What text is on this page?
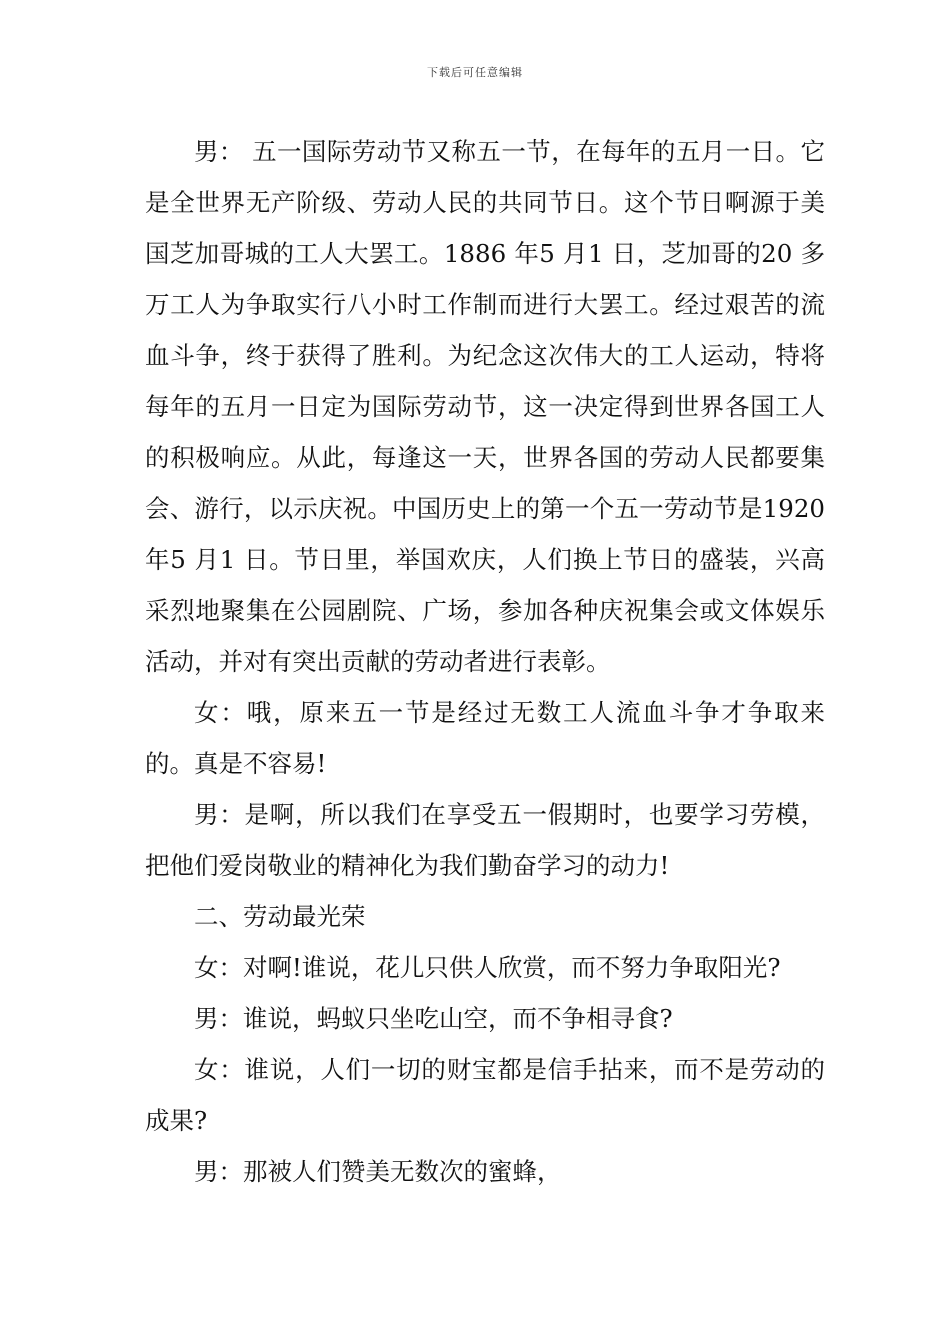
下载后可任意编辑

男： 五一国际劳动节又称五一节，在每年的五月一日。它是全世界无产阶级、劳动人民的共同节日。这个节日啊源于美国芝加哥城的工人大罢工。1886 年5 月1 日，芝加哥的20 多万工人为争取实行八小时工作制而进行大罢工。经过艰苦的流血斗争，终于获得了胜利。为纪念这次伟大的工人运动，特将每年的五月一日定为国际劳动节，这一决定得到世界各国工人的积极响应。从此，每逢这一天，世界各国的劳动人民都要集会、游行，以示庆祝。中国历史上的第一个五一劳动节是1920 年5 月1 日。节日里，举国欢庆，人们换上节日的盛装，兴高采烈地聚集在公园剧院、广场，参加各种庆祝集会或文体娱乐活动，并对有突出贡献的劳动者进行表彰。

女：哦，原来五一节是经过无数工人流血斗争才争取来的。真是不容易!

男：是啊，所以我们在享受五一假期时，也要学习劳模，把他们爱岗敬业的精神化为我们勤奋学习的动力!

二、劳动最光荣

女：对啊!谁说，花儿只供人欣赏，而不努力争取阳光?

男：谁说，蚂蚁只坐吃山空，而不争相寻食?

女：谁说，人们一切的财宝都是信手拈来，而不是劳动的成果?

男：那被人们赞美无数次的蜜蜂，
